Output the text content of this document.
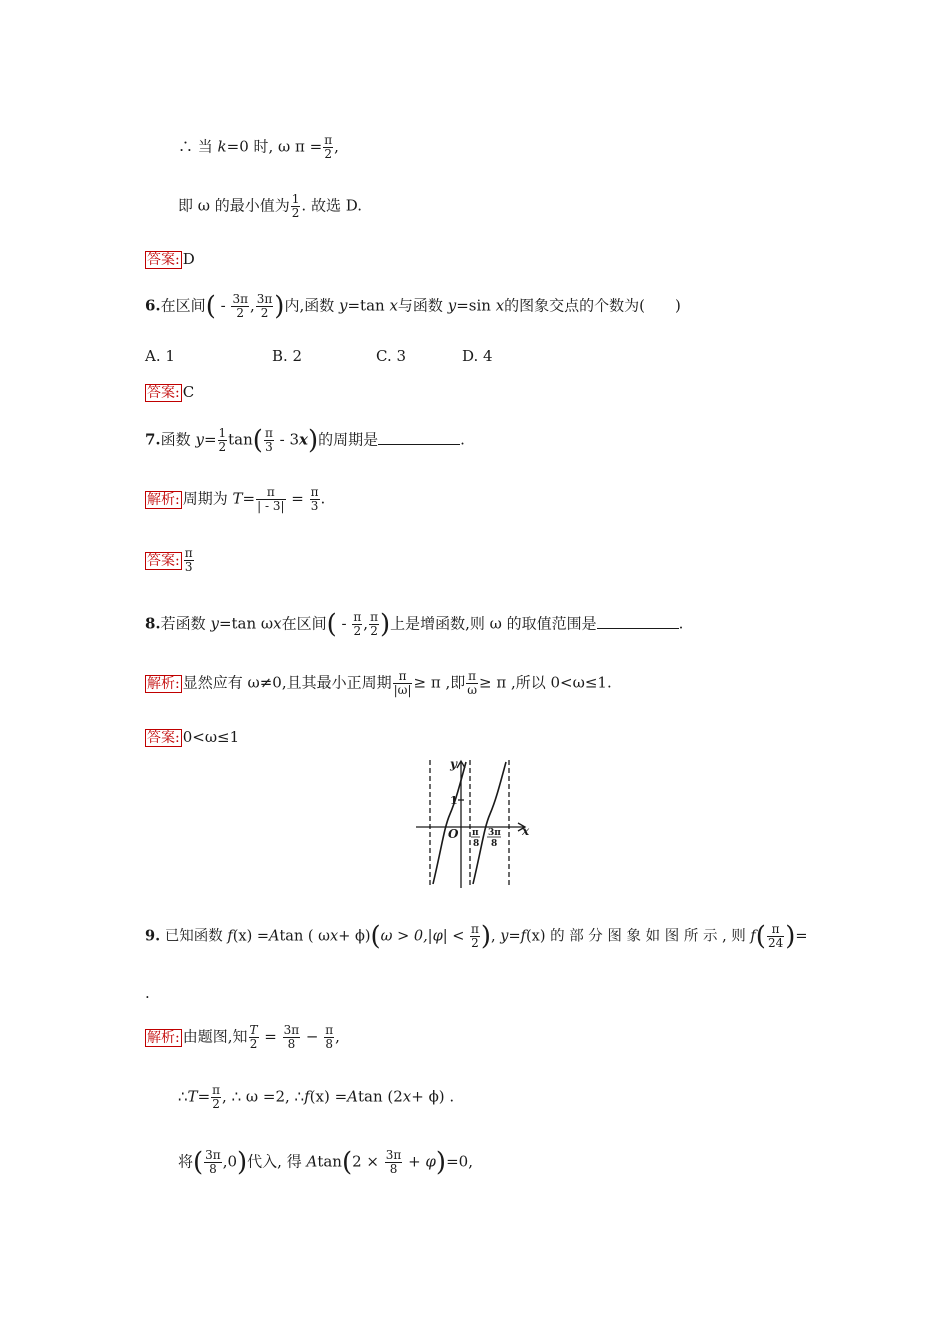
∴ 当 k=0 时, ω $\pi = \frac{\pi}{2}$ ,
即 ω 的最小值为 $\frac{1}{2}$ . 故选 D.
答案: D
6.在区间( - $\frac{3\pi}{2}$ , $\frac{3\pi}{2}$ )内,函数 y=tan x与函数 y=sin x的图象交点的个数为(　　)
A. 1	B. 2	C. 3	D. 4
答案: C
7.函数 $y= \frac{1}{2} \tan( \frac{\pi}{3} - 3x)$的周期是	.
解析: 周期为 $T= \frac{\pi}{| - 3|} = \frac{\pi}{3}$ .
答案: $\frac{\pi}{3}$
8.若函数 y=tan ωx在区间( - $\frac{\pi}{2}$ , $\frac{\pi}{2}$ )上是增函数,则 ω 的取值范围是	.
解析: 显然应有 ω≠0,且其最小正周期 $\frac{\pi}{|\omega|} \ge \pi$ ,即 $\frac{\pi}{\omega} \ge \pi$ ,所以 0<ω≤1.
答案: 0<ω≤1
y
x
1
O π
8
3π
8
9. 已知函数 f(x) =Atan ( $\omega x+ \phi)(\omega > 0,|\varphi| < \frac{\pi}{2}$ ), y=f(x) 的 部 分 图 象 如 图 所 示 , 则 $f( \frac{\pi}{24}$ )=
.
解析: 由题图,知 $\frac{T}{2} = \frac{3\pi}{8} - \frac{\pi}{8}$ ,
∴T= $\frac{\pi}{2}$ , ∴ ω =2, ∴f(x) =Atan (2x+ ϕ) .
将( $\frac{3\pi}{8} ,0$)代入, 得 $Atan(2 \times \frac{3\pi}{8} + \varphi)=0$,
